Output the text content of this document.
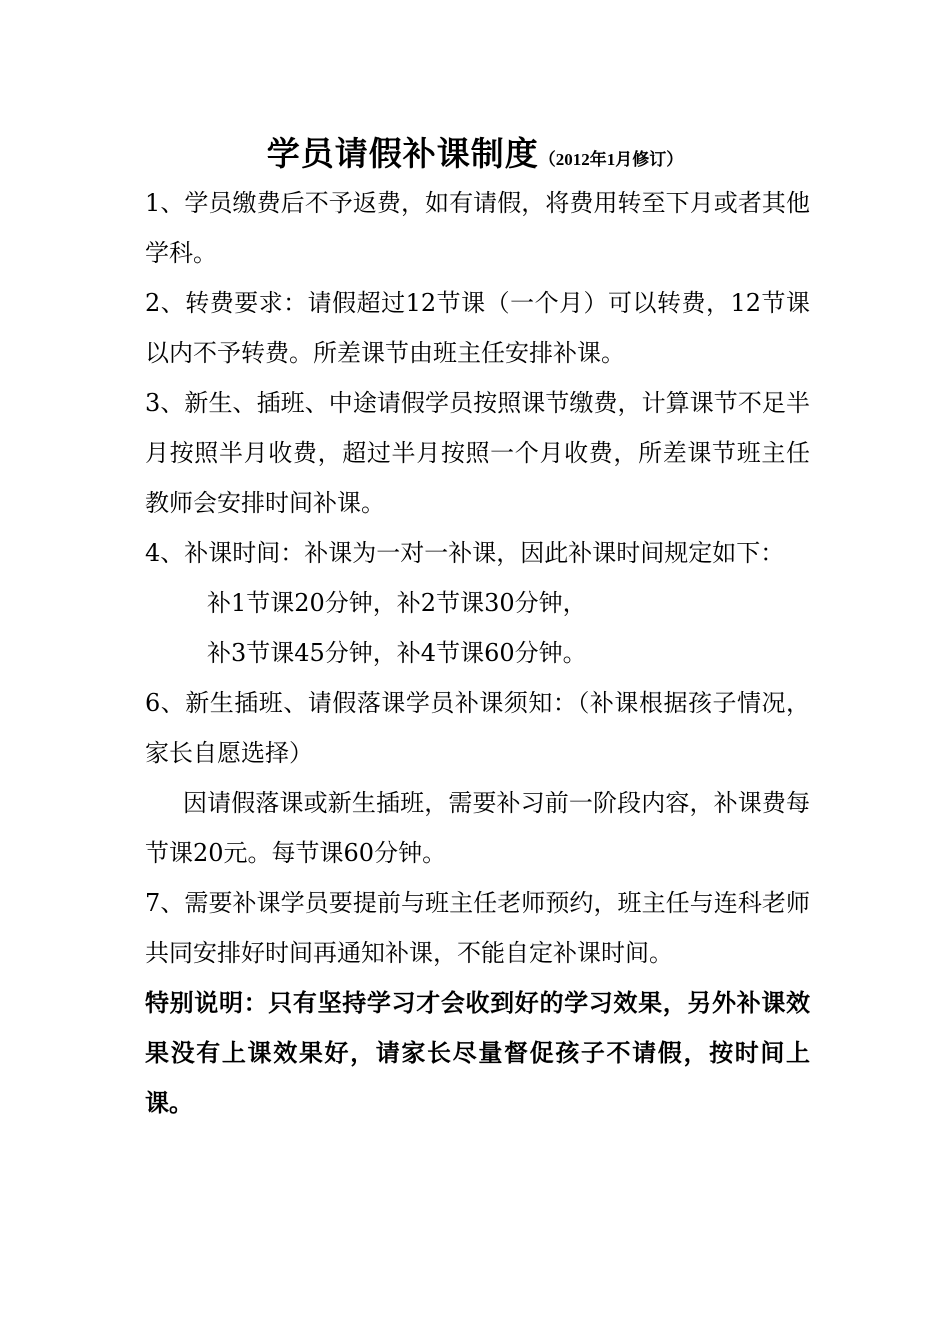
学员请假补课制度（2012年1月修订）

1、学员缴费后不予返费，如有请假，将费用转至下月或者其他学科。

2、转费要求：请假超过12节课（一个月）可以转费，12节课以内不予转费。所差课节由班主任安排补课。

3、新生、插班、中途请假学员按照课节缴费，计算课节不足半月按照半月收费，超过半月按照一个月收费，所差课节班主任教师会安排时间补课。

4、补课时间：补课为一对一补课，因此补课时间规定如下：

补1节课20分钟，补2节课30分钟，

补3节课45分钟，补4节课60分钟。

6、新生插班、请假落课学员补课须知：（补课根据孩子情况，家长自愿选择）

因请假落课或新生插班，需要补习前一阶段内容，补课费每节课20元。每节课60分钟。

7、需要补课学员要提前与班主任老师预约，班主任与连科老师共同安排好时间再通知补课，不能自定补课时间。

特别说明：只有坚持学习才会收到好的学习效果，另外补课效果没有上课效果好，请家长尽量督促孩子不请假，按时间上课。
